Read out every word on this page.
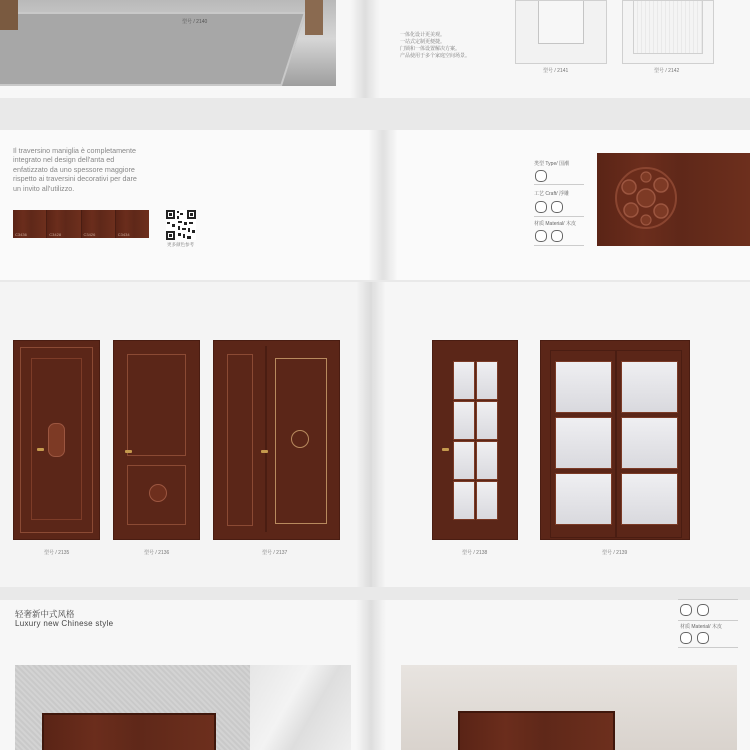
型号 / 2140
一体化设计更美观。
一站式定制更便捷。
门锁和一体设置解决方案。
产品使用于多个家庭空间场景。
型号 / 2141	型号 / 2142
Il traversino maniglia è completamente
integrato nel design dell'anta ed
enfatizzato da uno spessore maggiore
rispetto ai traversini decorativi per dare
un invito all'utilizzo.
C3436	C3428	C3426	C3434
更多颜色参考
类型 Type/ 国潮
工艺 Craft/ 浮雕
材质 Material/ 木皮
型号 / 2135	型号 / 2136	型号 / 2137	型号 / 2138	型号 / 2139
轻奢新中式风格
Luxury new Chinese style	材质 Material/ 木皮
